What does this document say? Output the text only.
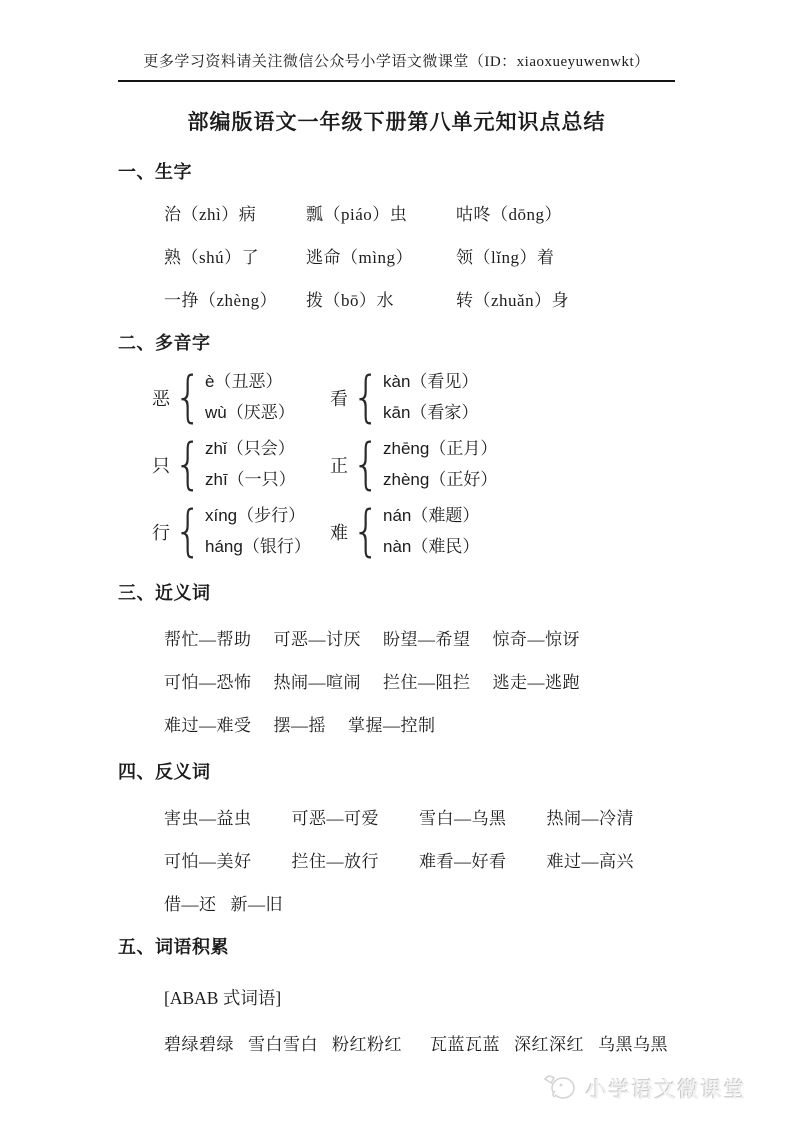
更多学习资料请关注微信公众号小学语文微课堂（ID：xiaoxueyuwenwkt）
部编版语文一年级下册第八单元知识点总结
一、生字
治（zhì）病	瓢（piáo）虫	咕咚（dōng）
熟（shú）了	逃命（mìng）	领（lǐng）着
一挣（zhèng）	拨（bō）水	转（zhuǎn）身
二、多音字
恶 { è（丑恶）
wù（厌恶）
看 { kàn（看见）
kān（看家）
只 { zhǐ（只会）
zhī（一只）
正 { zhēng（正月）
zhèng（正好）
行 { xíng（步行）
háng（银行）
难 { nán（难题）
nàn（难民）
三、近义词
帮忙—帮助 可恶—讨厌 盼望—希望 惊奇—惊讶
可怕—恐怖 热闹—喧闹 拦住—阻拦 逃走—逃跑
难过—难受 摆—摇 掌握—控制
四、反义词
害虫—益虫 可恶—可爱 雪白—乌黑 热闹—冷清
可怕—美好 拦住—放行 难看—好看 难过—高兴
借—还 新—旧
五、词语积累
[ABAB 式词语]
碧绿碧绿 雪白雪白 粉红粉红 瓦蓝瓦蓝 深红深红 乌黑乌黑
小学语文微课堂
